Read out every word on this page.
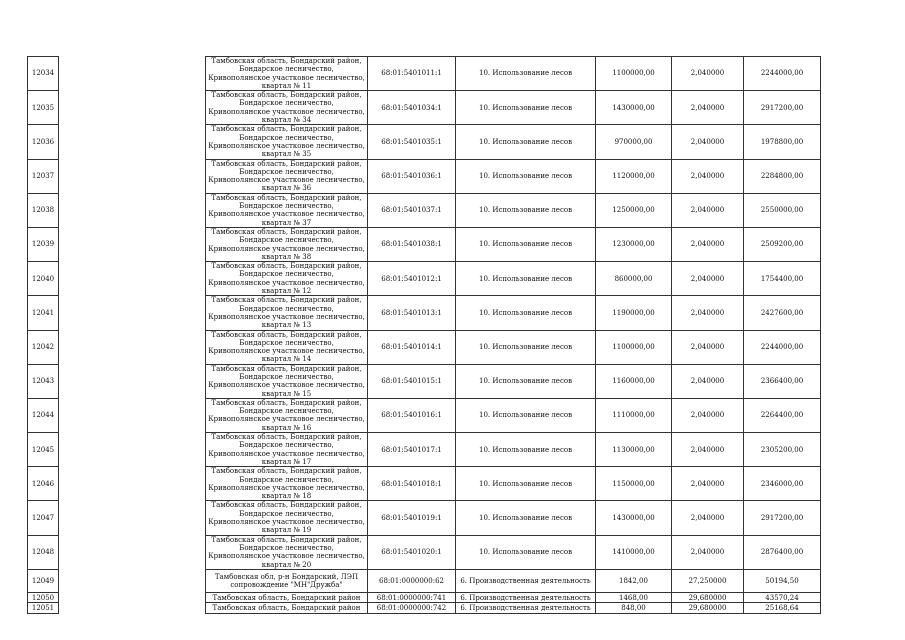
12034		Тамбовская область, Бондарский район, Бондарское лесничество, Кривополянское участковое лесничество, квартал № 11	68:01:5401011:1	10. Использование лесов	1100000,00	2,040000	2244000,00
12035		Тамбовская область, Бондарский район, Бондарское лесничество, Кривополянское участковое лесничество, квартал № 34	68:01:5401034:1	10. Использование лесов	1430000,00	2,040000	2917200,00
12036		Тамбовская область, Бондарский район, Бондарское лесничество, Кривополянское участковое лесничество, квартал № 35	68:01:5401035:1	10. Использование лесов	970000,00	2,040000	1978800,00
12037		Тамбовская область, Бондарский район, Бондарское лесничество, Кривополянское участковое лесничество, квартал № 36	68:01:5401036:1	10. Использование лесов	1120000,00	2,040000	2284800,00
12038		Тамбовская область, Бондарский район, Бондарское лесничество, Кривополянское участковое лесничество, квартал № 37	68:01:5401037:1	10. Использование лесов	1250000,00	2,040000	2550000,00
12039		Тамбовская область, Бондарский район, Бондарское лесничество, Кривополянское участковое лесничество, квартал № 38	68:01:5401038:1	10. Использование лесов	1230000,00	2,040000	2509200,00
12040		Тамбовская область, Бондарский район, Бондарское лесничество, Кривополянское участковое лесничество, квартал № 12	68:01:5401012:1	10. Использование лесов	860000,00	2,040000	1754400,00
12041		Тамбовская область, Бондарский район, Бондарское лесничество, Кривополянское участковое лесничество, квартал № 13	68:01:5401013:1	10. Использование лесов	1190000,00	2,040000	2427600,00
12042		Тамбовская область, Бондарский район, Бондарское лесничество, Кривополянское участковое лесничество, квартал № 14	68:01:5401014:1	10. Использование лесов	1100000,00	2,040000	2244000,00
12043		Тамбовская область, Бондарский район, Бондарское лесничество, Кривополянское участковое лесничество, квартал № 15	68:01:5401015:1	10. Использование лесов	1160000,00	2,040000	2366400,00
12044		Тамбовская область, Бондарский район, Бондарское лесничество, Кривополянское участковое лесничество, квартал № 16	68:01:5401016:1	10. Использование лесов	1110000,00	2,040000	2264400,00
12045		Тамбовская область, Бондарский район, Бондарское лесничество, Кривополянское участковое лесничество, квартал № 17	68:01:5401017:1	10. Использование лесов	1130000,00	2,040000	2305200,00
12046		Тамбовская область, Бондарский район, Бондарское лесничество, Кривополянское участковое лесничество, квартал № 18	68:01:5401018:1	10. Использование лесов	1150000,00	2,040000	2346000,00
12047		Тамбовская область, Бондарский район, Бондарское лесничество, Кривополянское участковое лесничество, квартал № 19	68:01:5401019:1	10. Использование лесов	1430000,00	2,040000	2917200,00
12048		Тамбовская область, Бондарский район, Бондарское лесничество, Кривополянское участковое лесничество, квартал № 20	68:01:5401020:1	10. Использование лесов	1410000,00	2,040000	2876400,00
12049		Тамбовская обл, р-н Бондарский, ЛЭП сопровождение "МН"Дружба"	68:01:0000000:62	6. Производственная деятельность	1842,00	27,250000	50194,50
12050		Тамбовская область, Бондарский район	68:01:0000000:741	6. Производственная деятельность	1468,00	29,680000	43570,24
12051		Тамбовская область, Бондарский район	68:01:0000000:742	6. Производственная деятельность	848,00	29,680000	25168,64
